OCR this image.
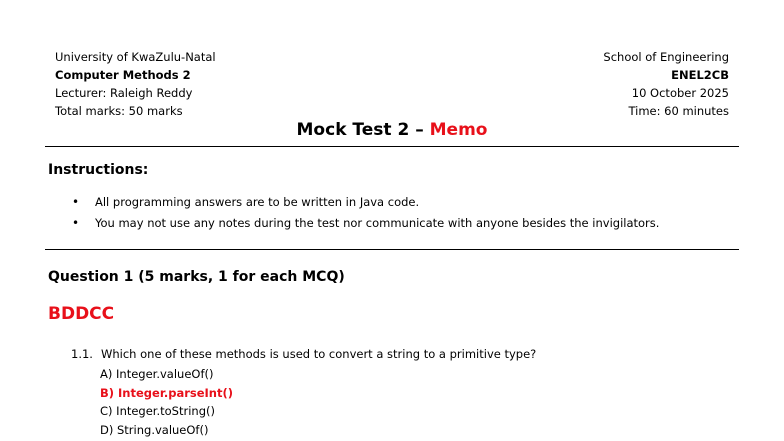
University of KwaZulu-Natal
Computer Methods 2
Lecturer: Raleigh Reddy
Total marks: 50 marks
School of Engineering
ENEL2CB
10 October 2025
Time: 60 minutes
Mock Test 2 – Memo
Instructions:
•	All programming answers are to be written in Java code.
•	You may not use any notes during the test nor communicate with anyone besides the invigilators.
Question 1 (5 marks, 1 for each MCQ)
BDDCC
1.1. Which one of these methods is used to convert a string to a primitive type?
A) Integer.valueOf()
B) Integer.parseInt()
C) Integer.toString()
D) String.valueOf()
